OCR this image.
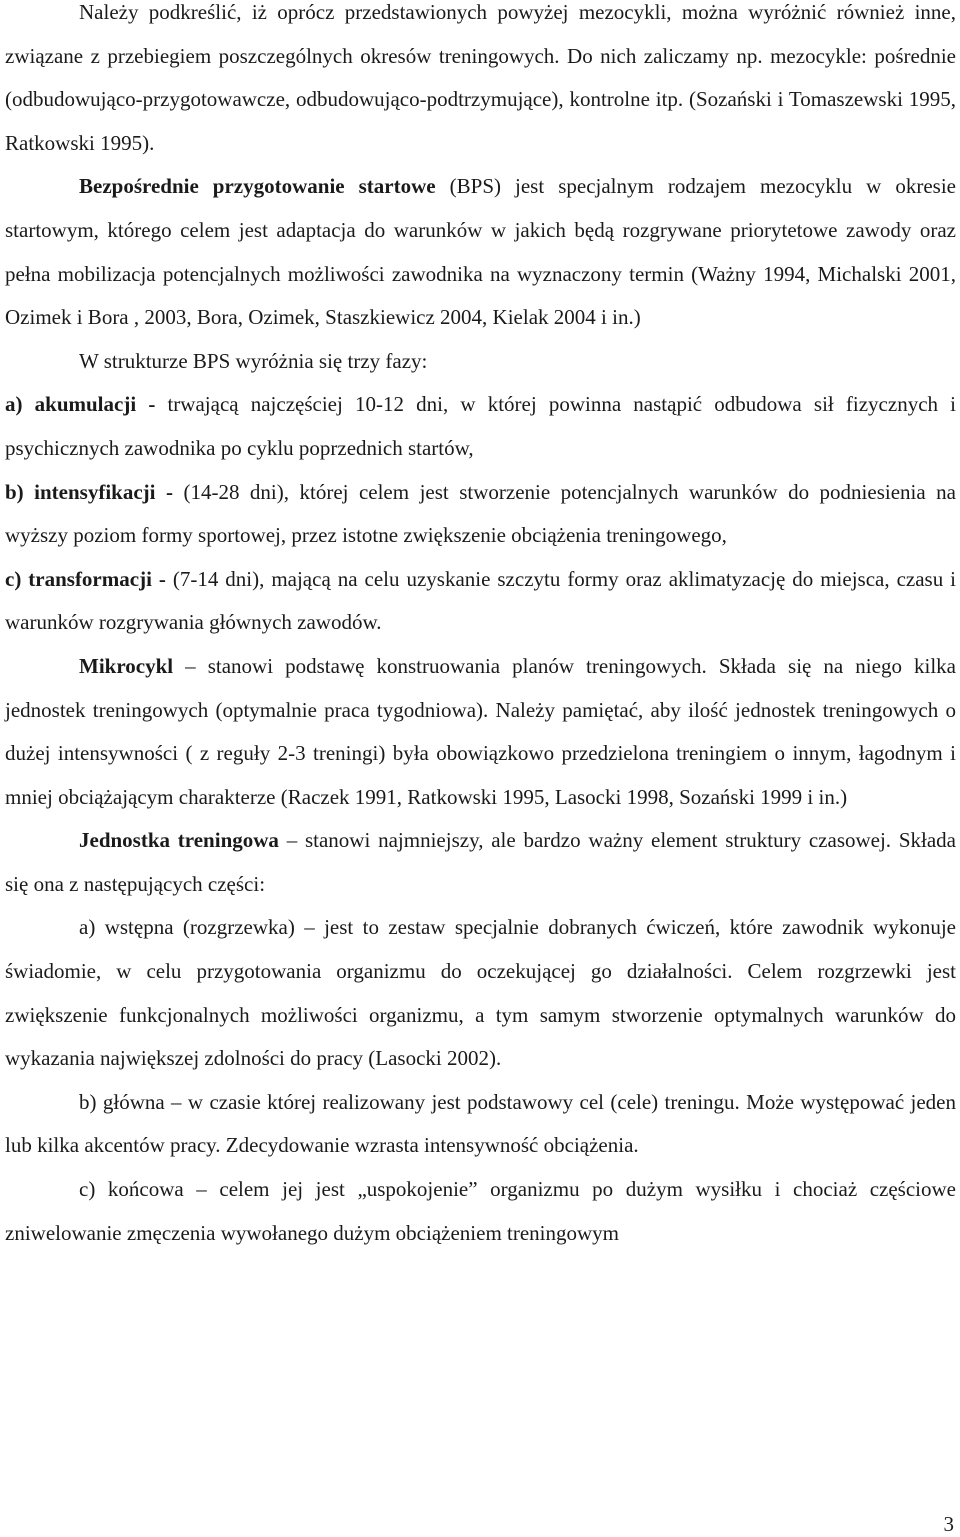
Należy podkreślić, iż oprócz przedstawionych powyżej mezocykli, można wyróżnić również inne, związane z przebiegiem poszczególnych okresów treningowych. Do nich zaliczamy np. mezocykle: pośrednie (odbudowująco-przygotowawcze, odbudowująco-podtrzymujące), kontrolne itp. (Sozański i Tomaszewski 1995, Ratkowski 1995).

Bezpośrednie przygotowanie startowe (BPS) jest specjalnym rodzajem mezocyklu w okresie startowym, którego celem jest adaptacja do warunków w jakich będą rozgrywane priorytetowe zawody oraz pełna mobilizacja potencjalnych możliwości zawodnika na wyznaczony termin (Ważny 1994, Michalski 2001, Ozimek i Bora , 2003, Bora, Ozimek, Staszkiewicz 2004, Kielak 2004 i in.)

W strukturze BPS wyróżnia się trzy fazy:

a) akumulacji - trwającą najczęściej 10-12 dni, w której powinna nastąpić odbudowa sił fizycznych i psychicznych zawodnika po cyklu poprzednich startów,

b) intensyfikacji - (14-28 dni), której celem jest stworzenie potencjalnych warunków do podniesienia na wyższy poziom formy sportowej, przez istotne zwiększenie obciążenia treningowego,

c) transformacji - (7-14 dni), mającą na celu uzyskanie szczytu formy oraz aklimatyzację do miejsca, czasu i warunków rozgrywania głównych zawodów.

Mikrocykl – stanowi podstawę konstruowania planów treningowych. Składa się na niego kilka jednostek treningowych (optymalnie praca tygodniowa). Należy pamiętać, aby ilość jednostek treningowych o dużej intensywności ( z reguły 2-3 treningi) była obowiązkowo przedzielona treningiem o innym, łagodnym i mniej obciążającym charakterze (Raczek 1991, Ratkowski 1995, Lasocki 1998, Sozański 1999 i in.)

Jednostka treningowa – stanowi najmniejszy, ale bardzo ważny element struktury czasowej. Składa się ona z następujących części:

a) wstępna (rozgrzewka) – jest to zestaw specjalnie dobranych ćwiczeń, które zawodnik wykonuje świadomie, w celu przygotowania organizmu do oczekującej go działalności. Celem rozgrzewki jest zwiększenie funkcjonalnych możliwości organizmu, a tym samym stworzenie optymalnych warunków do wykazania największej zdolności do pracy (Lasocki 2002).

b) główna – w czasie której realizowany jest podstawowy cel (cele) treningu. Może występować jeden lub kilka akcentów pracy. Zdecydowanie wzrasta intensywność obciążenia.

c) końcowa – celem jej jest „uspokojenie” organizmu po dużym wysiłku i chociaż częściowe zniwelowanie zmęczenia wywołanego dużym obciążeniem treningowym

3
